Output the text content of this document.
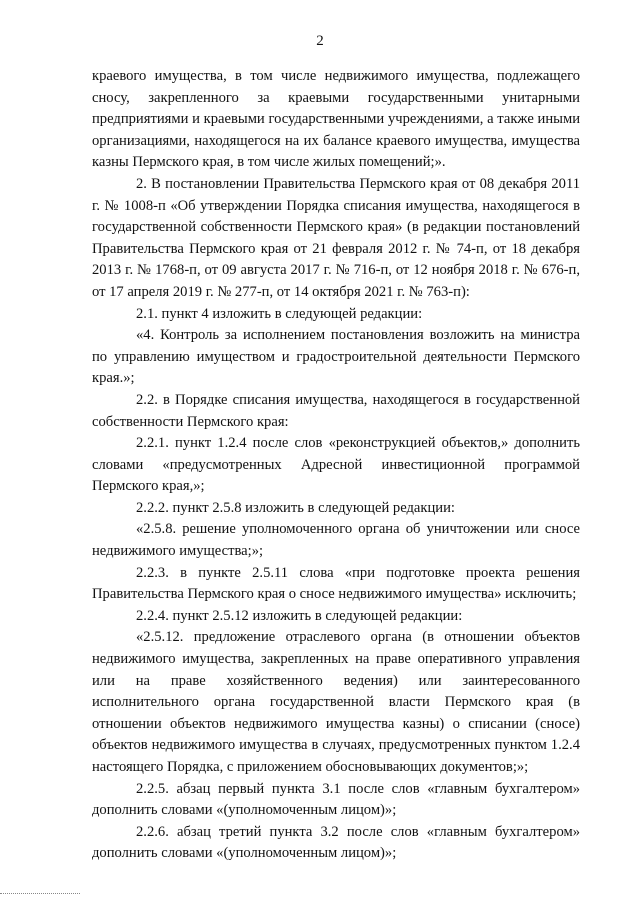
2

краевого имущества, в том числе недвижимого имущества, подлежащего сносу, закрепленного за краевыми государственными унитарными предприятиями и краевыми государственными учреждениями, а также иными организациями, находящегося на их балансе краевого имущества, имущества казны Пермского края, в том числе жилых помещений;».

2. В постановлении Правительства Пермского края от 08 декабря 2011 г. № 1008-п «Об утверждении Порядка списания имущества, находящегося в государственной собственности Пермского края» (в редакции постановлений Правительства Пермского края от 21 февраля 2012 г. № 74-п, от 18 декабря 2013 г. № 1768-п, от 09 августа 2017 г. № 716-п, от 12 ноября 2018 г. № 676-п, от 17 апреля 2019 г. № 277-п, от 14 октября 2021 г. № 763-п):

2.1. пункт 4 изложить в следующей редакции:

«4. Контроль за исполнением постановления возложить на министра по управлению имуществом и градостроительной деятельности Пермского края.»;

2.2. в Порядке списания имущества, находящегося в государственной собственности Пермского края:

2.2.1. пункт 1.2.4 после слов «реконструкцией объектов,» дополнить словами «предусмотренных Адресной инвестиционной программой Пермского края,»;

2.2.2. пункт 2.5.8 изложить в следующей редакции:

«2.5.8. решение уполномоченного органа об уничтожении или сносе недвижимого имущества;»;

2.2.3. в пункте 2.5.11 слова «при подготовке проекта решения Правительства Пермского края о сносе недвижимого имущества» исключить;

2.2.4. пункт 2.5.12 изложить в следующей редакции:

«2.5.12. предложение отраслевого органа (в отношении объектов недвижимого имущества, закрепленных на праве оперативного управления или на праве хозяйственного ведения) или заинтересованного исполнительного органа государственной власти Пермского края (в отношении объектов недвижимого имущества казны) о списании (сносе) объектов недвижимого имущества в случаях, предусмотренных пунктом 1.2.4 настоящего Порядка, с приложением обосновывающих документов;»;

2.2.5. абзац первый пункта 3.1 после слов «главным бухгалтером» дополнить словами «(уполномоченным лицом)»;

2.2.6. абзац третий пункта 3.2 после слов «главным бухгалтером» дополнить словами «(уполномоченным лицом)»;
